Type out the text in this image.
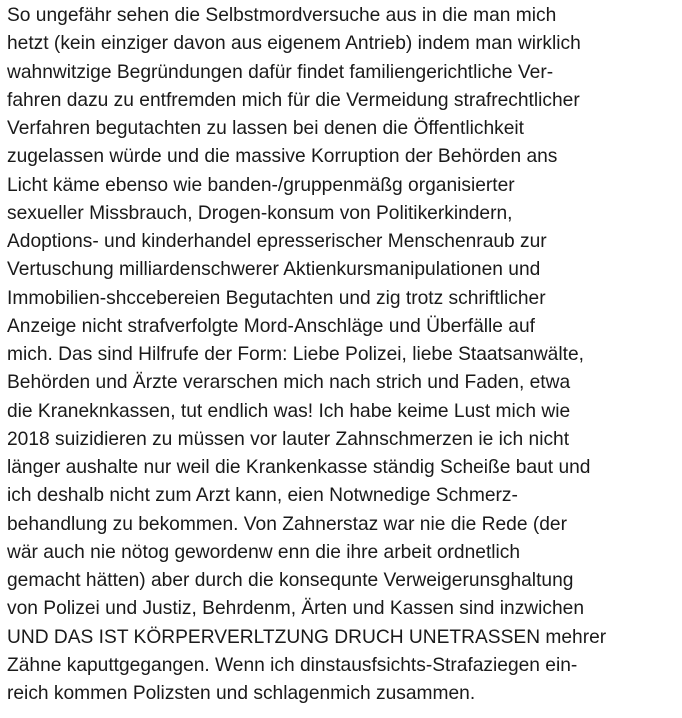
So ungefähr sehen die Selbstmordversuche aus in die man mich
hetzt (kein einziger davon aus eigenem Antrieb) indem man wirklich
wahnwitzige Begründungen dafür findet familiengerichtliche Ver-
fahren dazu zu entfremden mich für die Vermeidung strafrechtlicher
Verfahren begutachten zu lassen bei denen die Öffentlichkeit
zugelassen würde und die massive Korruption der Behörden ans
Licht käme ebenso wie banden-/gruppenmäßg organisierter
sexueller Missbrauch, Drogen-konsum von Politikerkindern,
Adoptions- und kinderhandel epresserischer Menschenraub zur
Vertuschung milliardenschwerer Aktienkursmanipulationen und
Immobilien-shccebereien Begutachten und zig trotz schriftlicher
Anzeige nicht strafverfolgte Mord-Anschläge und Überfälle auf
mich. Das sind Hilfrufe der Form: Liebe Polizei, liebe Staatsanwälte,
Behörden und Ärzte verarschen mich nach strich und Faden, etwa
die Kraneknkassen, tut endlich was! Ich habe keime Lust mich wie
2018 suizidieren zu müssen vor lauter Zahnschmerzen ie ich nicht
länger aushalte nur weil die Krankenkasse ständig Scheiße baut und
ich deshalb nicht zum Arzt kann, eien Notwnedige Schmerz-
behandlung zu bekommen. Von Zahnerstaz war nie die Rede (der
wär auch nie nötog gewordenw enn die ihre arbeit ordnetlich
gemacht hätten) aber durch die konsequnte Verweigerunsghaltung
von Polizei und Justiz, Behrdenm, Ärten und Kassen sind inzwichen
UND DAS IST KÖRPERVERLTZUNG DRUCH UNETRASSEN mehrer
Zähne kaputtgegangen. Wenn ich dinstausfsichts-Strafaziegen ein-
reich kommen Polizsten und schlagenmich zusammen.
